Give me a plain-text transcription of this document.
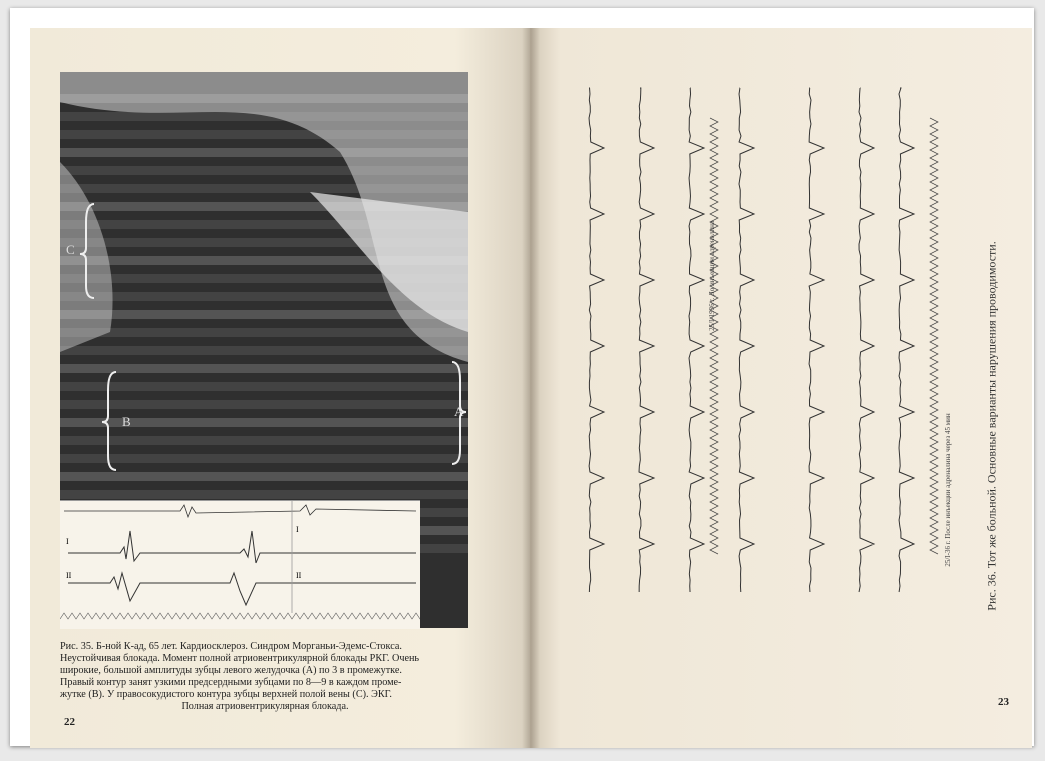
C
B
A
I
II
I
II
Рис. 35. Б-ной К-ад, 65 лет. Кардиосклероз. Синдром Морганьи-Эдемс-Стокса.
Неустойчивая блокада. Момент полной атриовентрикулярной блокады РКГ. Очень
широкие, большой амплитуды зубцы левого желудочка (А) по 3 в промежутке.
Правый контур занят узкими предсердными зубцами по 8—9 в каждом проме-
жутке (B). У правосокудистого контура зубцы верхней полой вены (C). ЭКГ.
Полная атриовентрикулярная блокада.
22
25/I-1936 г. До инъекции адреналина
25/I-36 г. После инъекции адреналина через 45 мин	Рис. 36. Тот же больной. Основные варианты нарушения проводимости.
23
